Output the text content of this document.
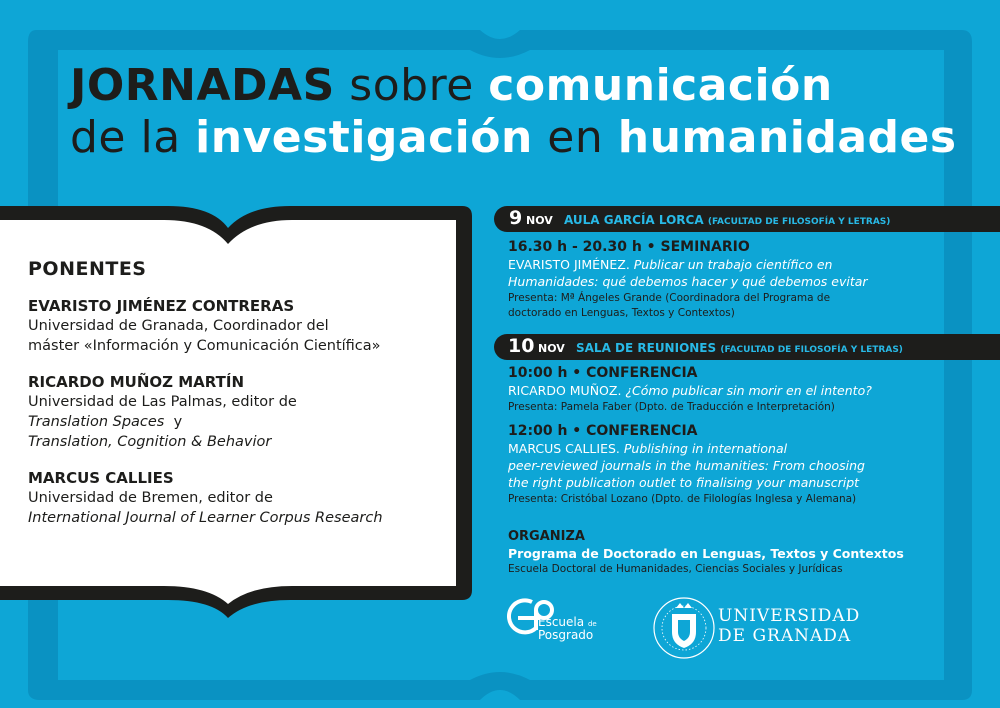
JORNADAS sobre comunicación
de la investigación en humanidades
PONENTES
EVARISTO JIMÉNEZ CONTRERAS
Universidad de Granada, Coordinador del
máster «Información y Comunicación Científica»
RICARDO MUÑOZ MARTÍN
Universidad de Las Palmas, editor de
Translation Spaces  y
Translation, Cognition & Behavior
MARCUS CALLIES
Universidad de Bremen, editor de
International Journal of Learner Corpus Research
9 NOV AULA GARCÍA LORCA (FACULTAD DE FILOSOFÍA Y LETRAS)
16.30 h - 20.30 h • SEMINARIO
EVARISTO JIMÉNEZ. Publicar un trabajo científico en
Humanidades: qué debemos hacer y qué debemos evitar
Presenta: Mª Ángeles Grande (Coordinadora del Programa de
doctorado en Lenguas, Textos y Contextos)
10 NOV SALA DE REUNIONES (FACULTAD DE FILOSOFÍA Y LETRAS)
10:00 h • CONFERENCIA
RICARDO MUÑOZ. ¿Cómo publicar sin morir en el intento?
Presenta: Pamela Faber (Dpto. de Traducción e Interpretación)
12:00 h • CONFERENCIA
MARCUS CALLIES. Publishing in international
peer-reviewed journals in the humanities: From choosing
the right publication outlet to finalising your manuscript
Presenta: Cristóbal Lozano (Dpto. de Filologías Inglesa y Alemana)
ORGANIZA
Programa de Doctorado en Lenguas, Textos y Contextos
Escuela Doctoral de Humanidades, Ciencias Sociales y Jurídicas
Escuela de
Posgrado
UNIVERSIDAD
DE GRANADA
